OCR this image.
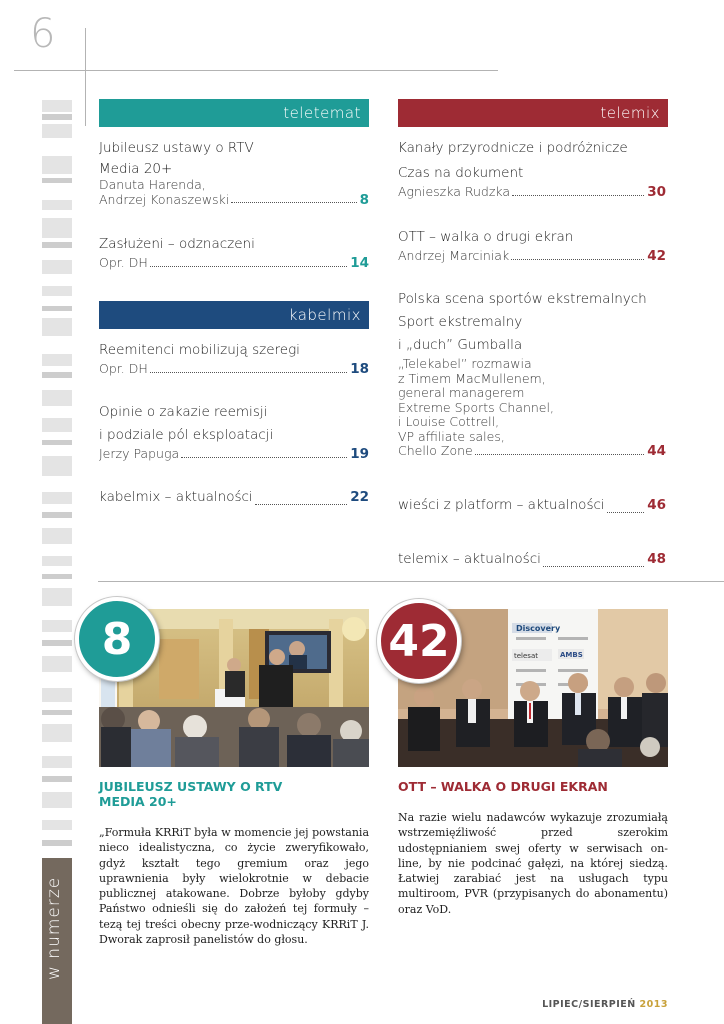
6
w numerze
teletemat
Jubileusz ustawy o RTV
Media 20+
Danuta Harenda,
Andrzej Konaszewski	8
Zasłużeni – odznaczeni
Opr. DH	14
kabelmix
Reemitenci mobilizują szeregi
Opr. DH	18
Opinie o zakazie reemisji
i podziale pól eksploatacji
Jerzy Papuga	19
kabelmix – aktualności	22
telemix
Kanały przyrodnicze i podróżnicze
Czas na dokument
Agnieszka Rudzka	30
OTT – walka o drugi ekran
Andrzej Marciniak	42
Polska scena sportów ekstremalnych
Sport ekstremalny
i „duch” Gumballa
„Telekabel” rozmawia
z Timem MacMullenem,
general managerem
Extreme Sports Channel,
i Louise Cottrell,
VP affiliate sales,
Chello Zone	44
wieści z platform – aktualności	46
telemix – aktualności	48
8
JUBILEUSZ USTAWY O RTV
MEDIA 20+
„Formuła KRRiT była w momencie jej powstania nieco idealistyczna, co życie zweryfikowało, gdyż kształt tego gremium oraz jego uprawnienia były wielokrotnie w debacie publicznej atakowane. Dobrze byłoby gdyby Państwo odnieśli się do założeń tej formuły – tezą tej treści obecny prze-wodniczący KRRiT J. Dworak zaprosił panelistów do głosu.
Discovery
AMBS
telesat
42
OTT – WALKA O DRUGI EKRAN
Na razie wielu nadawców wykazuje zrozumiałą wstrzemięźliwość przed szerokim udostępnianiem swej oferty w serwisach on-line, by nie podcinać gałęzi, na której siedzą. Łatwiej zarabiać jest na usługach typu multiroom, PVR (przypisanych do abonamentu) oraz VoD.
LIPIEC/SIERPIEŃ 2013
